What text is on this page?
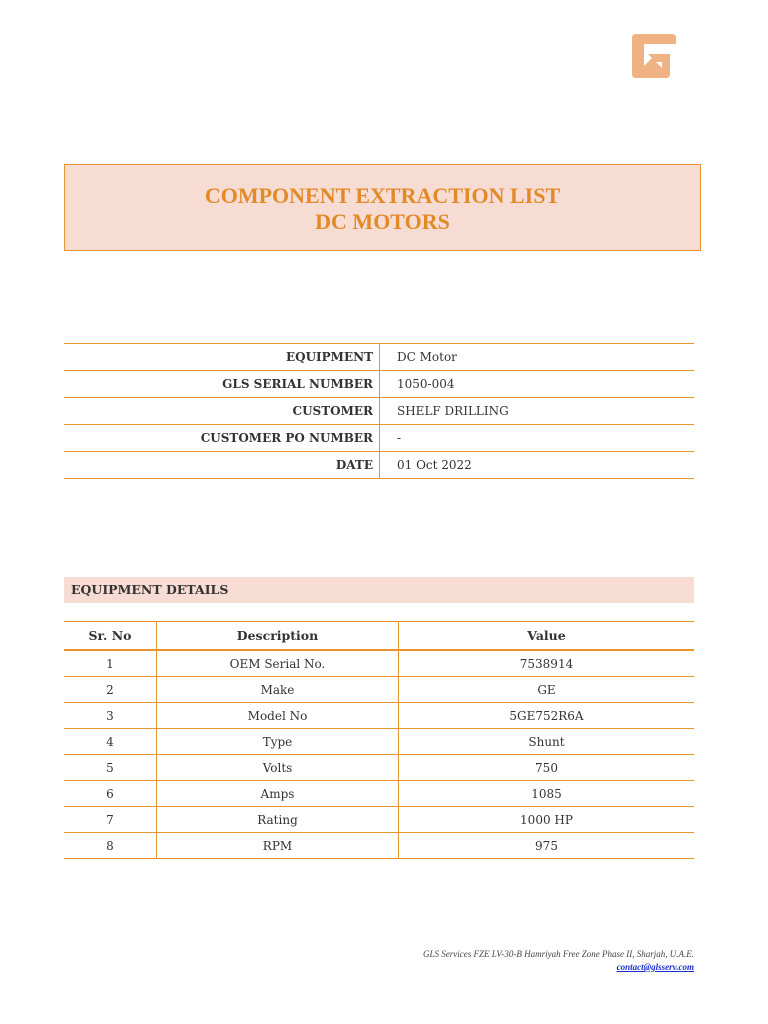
COMPONENT EXTRACTION LIST
DC MOTORS
EQUIPMENT	DC Motor
GLS SERIAL NUMBER	1050-004
CUSTOMER	SHELF DRILLING
CUSTOMER PO NUMBER	-
DATE	01 Oct 2022
EQUIPMENT DETAILS
Sr. No	Description	Value
1	OEM Serial No.	7538914
2	Make	GE
3	Model No	5GE752R6A
4	Type	Shunt
5	Volts	750
6	Amps	1085
7	Rating	1000 HP
8	RPM	975
GLS Services FZE LV-30-B Hamriyah Free Zone Phase II, Sharjah, U.A.E.
contact@glsserv.com
